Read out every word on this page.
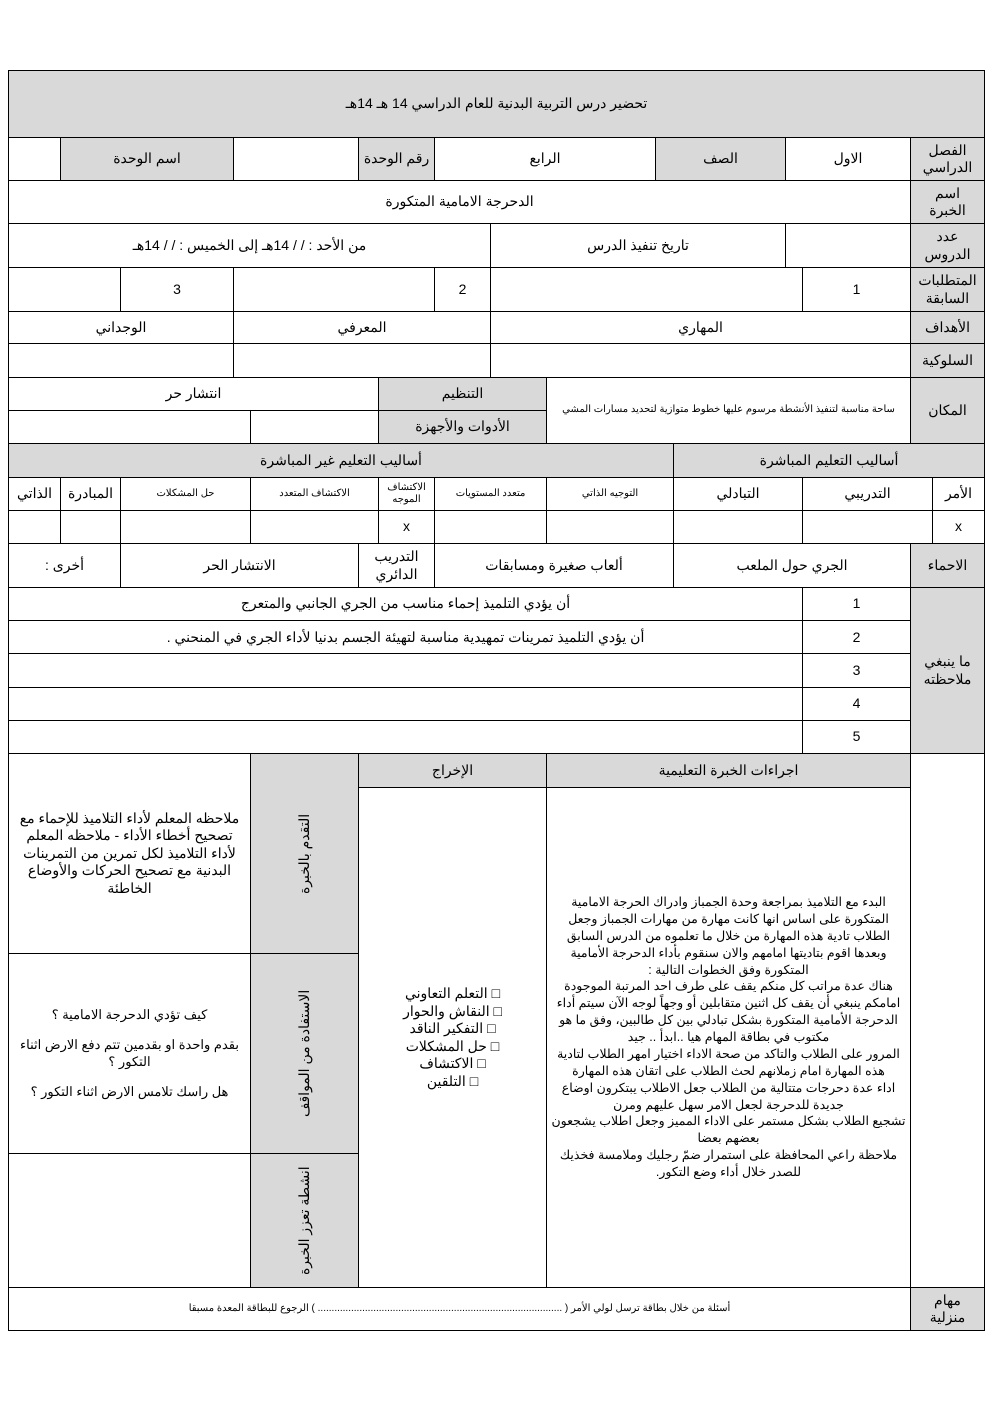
تحضير درس التربية البدنية للعام الدراسي 14 هـ 14هـ
الفصل الدراسي
الاول
الصف
الرابع
رقم الوحدة
اسم الوحدة
اسم الخبرة
الدحرجة الامامية المتكورة
عدد الدروس
تاريخ تنفيذ الدرس
من الأحد : / / 14هـ إلى الخميس : / / 14هـ
المتطلبات السابقة
1
2
3
الأهداف
المهاري
المعرفي
الوجداني
السلوكية
المكان
ساحة مناسبة لتنفيذ الأنشطة مرسوم عليها خطوط متوازية لتحديد مسارات المشي
التنظيم
انتشار حر
الأدوات والأجهزة
أساليب التعليم المباشرة
أساليب التعليم غير المباشرة
الاحماء
الجري حول الملعب
ألعاب صغيرة ومسابقات
التدريب الدائري
الانتشار الحر
أخرى :
ما ينبغي ملاحظته
اجراءات الخبرة التعليمية
الإخراج
البدء مع التلاميذ بمراجعة وحدة الجمباز وادراك الحرجة الامامية المتكورة على اساس انها كانت مهارة من مهارات الجمباز وجعل الطلاب تادية هذه المهارة من خلال ما تعلموه من الدرس السابق وبعدها اقوم بتاديتها امامهم والان سنقوم بأداء الدحرجة الأمامية المتكورة وفق الخطوات التالية :
هناك عدة مراتب كل منكم يقف على طرف احد المرتبة الموجودة امامكم ينبغي أن يقف كل اثنين متقابلين أو وجهاً لوجه الآن سيتم أداء الدحرجة الأمامية المتكورة بشكل تبادلي بين كل طالبين، وفق ما هو مكتوب في بطاقة المهام هيا ..ابدأ .. جيد
المرور على الطلاب والتاكد من صحة الاداء اختيار امهر الطلاب لتادية هذه المهارة امام زملانهم لحث الطلاب على اتقان هذه المهارة
اداء عدة دحرجات متتالية من الطلاب جعل الاطلاب يبتكرون اوضاع جديدة للدحرجة لجعل الامر سهل عليهم ومرن
تشجيع الطلاب بشكل مستمر على الاداء المميز وجعل اطلاب يشجعون بعضهم بعضا
ملاحظة راعي المحافظة على استمرار ضمّ رجليك وملامسة فخذيك للصدر خلال أداء وضع التكور.
التقدم بالخبرة
الاستفادة من المواقف
انشطة تعزز الخبرة
ملاحظه المعلم لأداء التلاميذ للإحماء مع تصحيح أخطاء الأداء - ملاحظه المعلم لأداء التلاميذ لكل تمرين من التمرينات البدنية مع تصحيح الحركات والأوضاع الخاطئة
مهام منزلية
أسئلة من خلال بطاقة ترسل لولي الأمر ( ........................................................................................ ) الرجوع للبطاقة المعدة مسبقا
الأمر
x
التدريبي
التبادلي
التوجيه الذاتي
متعدد المستويات
الاكتشاف الموجه
x
الاكتشاف المتعدد
حل المشكلات
المبادرة
الذاتي
1
أن يؤدي التلميذ إحماء مناسب من الجري الجانبي والمتعرج
2
أن يؤدي التلميذ تمرينات تمهيدية مناسبة لتهيئة الجسم بدنيا لأداء الجري في المنحني .
3
4
5
□ التعلم التعاوني
□ النقاش والحوار
□ التفكير الناقد
□ حل المشكلات
□ الاكتشاف
□ التلقين
كيف تؤدي الدحرجة الامامية ؟
بقدم واحدة او بقدمين تتم دفع الارض اثناء التكور ؟
هل راسك تلامس الارض اثناء التكور ؟
